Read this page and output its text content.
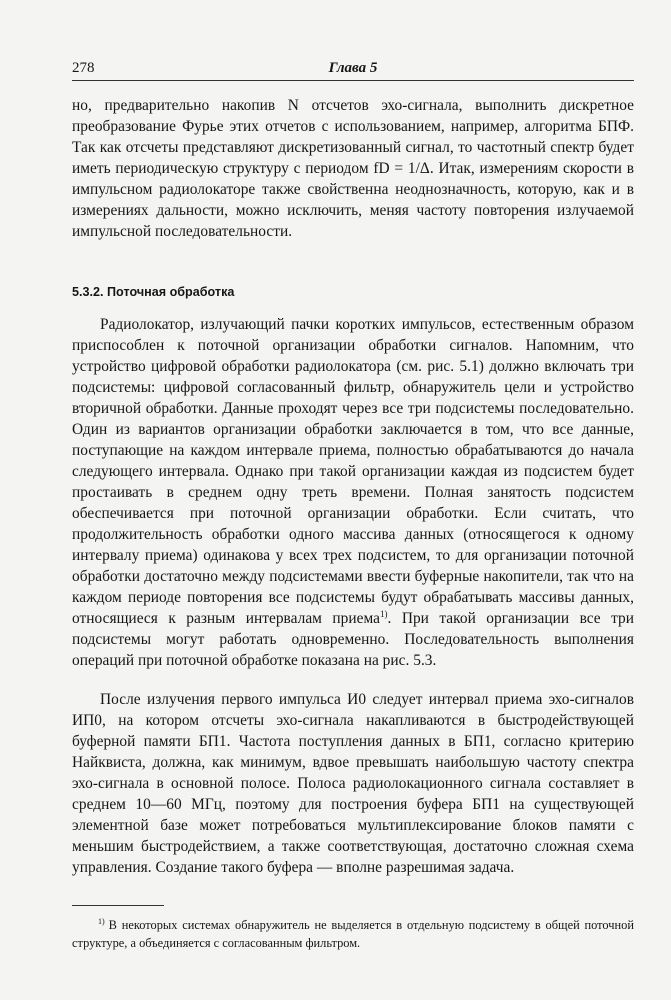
278	Глава 5
но, предварительно накопив N отсчетов эхо-сигнала, выполнить дискретное преобразование Фурье этих отчетов с использованием, например, алгоритма БПФ. Так как отсчеты представляют дискретизованный сигнал, то частотный спектр будет иметь периодическую структуру с периодом fD = 1/Δ. Итак, измерениям скорости в импульсном радиолокаторе также свойственна неоднозначность, которую, как и в измерениях дальности, можно исключить, меняя частоту повторения излучаемой импульсной последовательности.
5.3.2. Поточная обработка
Радиолокатор, излучающий пачки коротких импульсов, естественным образом приспособлен к поточной организации обработки сигналов. Напомним, что устройство цифровой обработки радиолокатора (см. рис. 5.1) должно включать три подсистемы: цифровой согласованный фильтр, обнаружитель цели и устройство вторичной обработки. Данные проходят через все три подсистемы последовательно. Один из вариантов организации обработки заключается в том, что все данные, поступающие на каждом интервале приема, полностью обрабатываются до начала следующего интервала. Однако при такой организации каждая из подсистем будет простаивать в среднем одну треть времени. Полная занятость подсистем обеспечивается при поточной организации обработки. Если считать, что продолжительность обработки одного массива данных (относящегося к одному интервалу приема) одинакова у всех трех подсистем, то для организации поточной обработки достаточно между подсистемами ввести буферные накопители, так что на каждом периоде повторения все подсистемы будут обрабатывать массивы данных, относящиеся к разным интервалам приема$^{1)}$. При такой организации все три подсистемы могут работать одновременно. Последовательность выполнения операций при поточной обработке показана на рис. 5.3.
После излучения первого импульса И0 следует интервал приема эхо-сигналов ИП0, на котором отсчеты эхо-сигнала накапливаются в быстродействующей буферной памяти БП1. Частота поступления данных в БП1, согласно критерию Найквиста, должна, как минимум, вдвое превышать наибольшую частоту спектра эхо-сигнала в основной полосе. Полоса радиолокационного сигнала составляет в среднем 10—60 МГц, поэтому для построения буфера БП1 на существующей элементной базе может потребоваться мультиплексирование блоков памяти с меньшим быстродействием, а также соответствующая, достаточно сложная схема управления. Создание такого буфера — вполне разрешимая задача.
$^{1)}$ В некоторых системах обнаружитель не выделяется в отдельную подсистему в общей поточной структуре, а объединяется с согласованным фильтром.
